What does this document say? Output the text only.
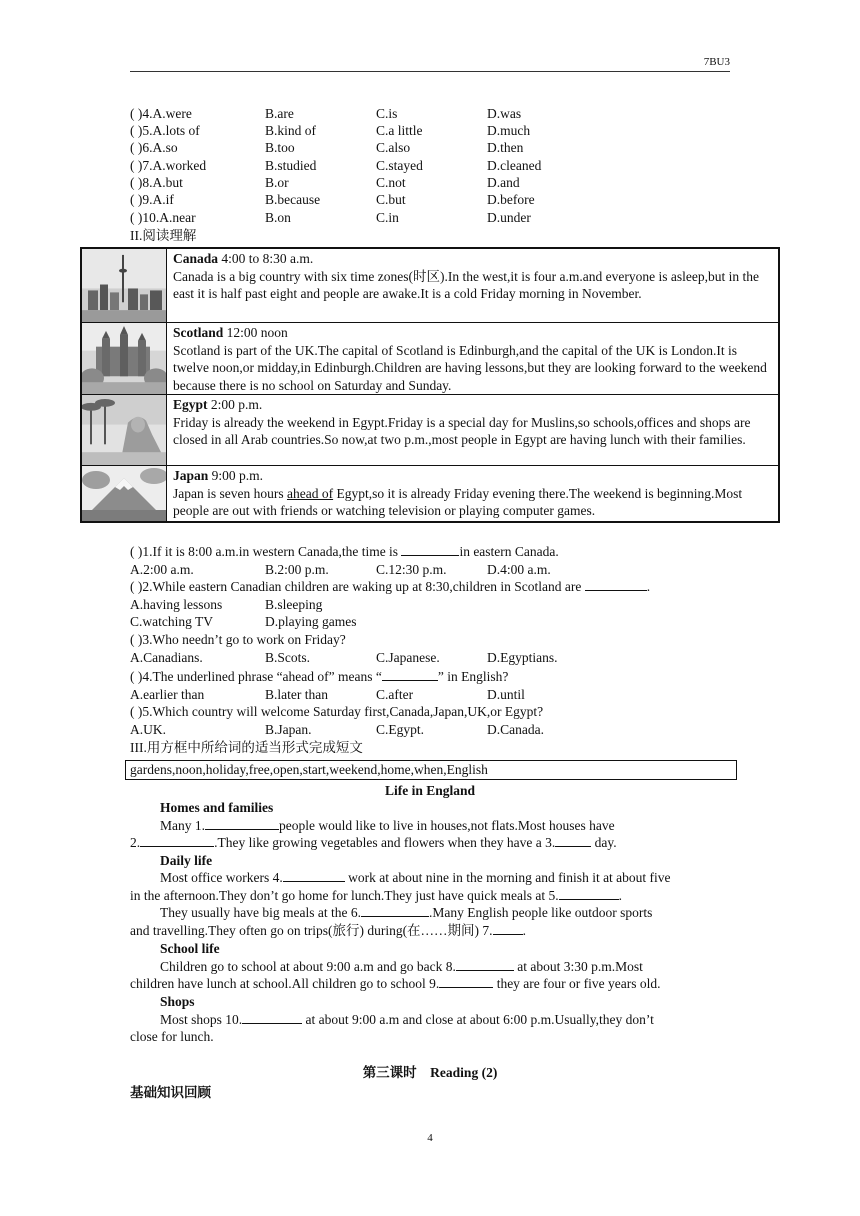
7BU3
( )4.A.were	B.are	C.is	D.was
( )5.A.lots of	B.kind of	C.a little	D.much
( )6.A.so	B.too	C.also	D.then
( )7.A.worked	B.studied	C.stayed	D.cleaned
( )8.A.but	B.or	C.not	D.and
( )9.A.if	B.because	C.but	D.before
( )10.A.near	B.on	C.in	D.under
II.阅读理解
Canada 4:00 to 8:30 a.m.
Canada is a big country with six time zones(时区).In the west,it is four a.m.and everyone is asleep,but in the east it is half past eight and people are awake.It is a cold Friday morning in November.
Scotland 12:00 noon
Scotland is part of the UK.The capital of Scotland is Edinburgh,and the capital of the UK is London.It is twelve noon,or midday,in Edinburgh.Children are having lessons,but they are looking forward to the weekend because there is no school on Saturday and Sunday.
Egypt 2:00 p.m.
Friday is already the weekend in Egypt.Friday is a special day for Muslins,so schools,offices and shops are closed in all Arab countries.So now,at two p.m.,most people in Egypt are having lunch with their families.
Japan 9:00 p.m.
Japan is seven hours ahead of Egypt,so it is already Friday evening there.The weekend is beginning.Most people are out with friends or watching television or playing computer games.
( )1.If it is 8:00 a.m.in western Canada,the time is	in eastern Canada.
A.2:00 a.m.	B.2:00 p.m.	C.12:30 p.m.	D.4:00 a.m.
( )2.While eastern Canadian children are waking up at 8:30,children in Scotland are	.
A.having lessons	B.sleeping
C.watching TV	D.playing games
( )3.Who needn’t go to work on Friday?
A.Canadians.	B.Scots.	C.Japanese.	D.Egyptians.
( )4.The underlined phrase “ahead of” means “	” in English?
A.earlier than	B.later than	C.after	D.until
( )5.Which country will welcome Saturday first,Canada,Japan,UK,or Egypt?
A.UK.	B.Japan.	C.Egypt.	D.Canada.
III.用方框中所给词的适当形式完成短文
gardens,noon,holiday,free,open,start,weekend,home,when,English
Life in England
Homes and families
Many 1.	people would like to live in houses,not flats.Most houses have
2.	.They like growing vegetables and flowers when they have a 3.	day.
Daily life
Most office workers 4.	work at about nine in the morning and finish it at about five
in the afternoon.They don’t go home for lunch.They just have quick meals at 5.	.
They usually have big meals at the 6.	.Many English people like outdoor sports
and travelling.They often go on trips(旅行) during(在……期间) 7. .
School life
Children go to school at about 9:00 a.m and go back 8.	at about 3:30 p.m.Most
children have lunch at school.All children go to school 9.	they are four or five years old.
Shops
Most shops 10.	at about 9:00 a.m and close at about 6:00 p.m.Usually,they don’t
close for lunch.
第三课时    Reading (2)
基础知识回顾
4
